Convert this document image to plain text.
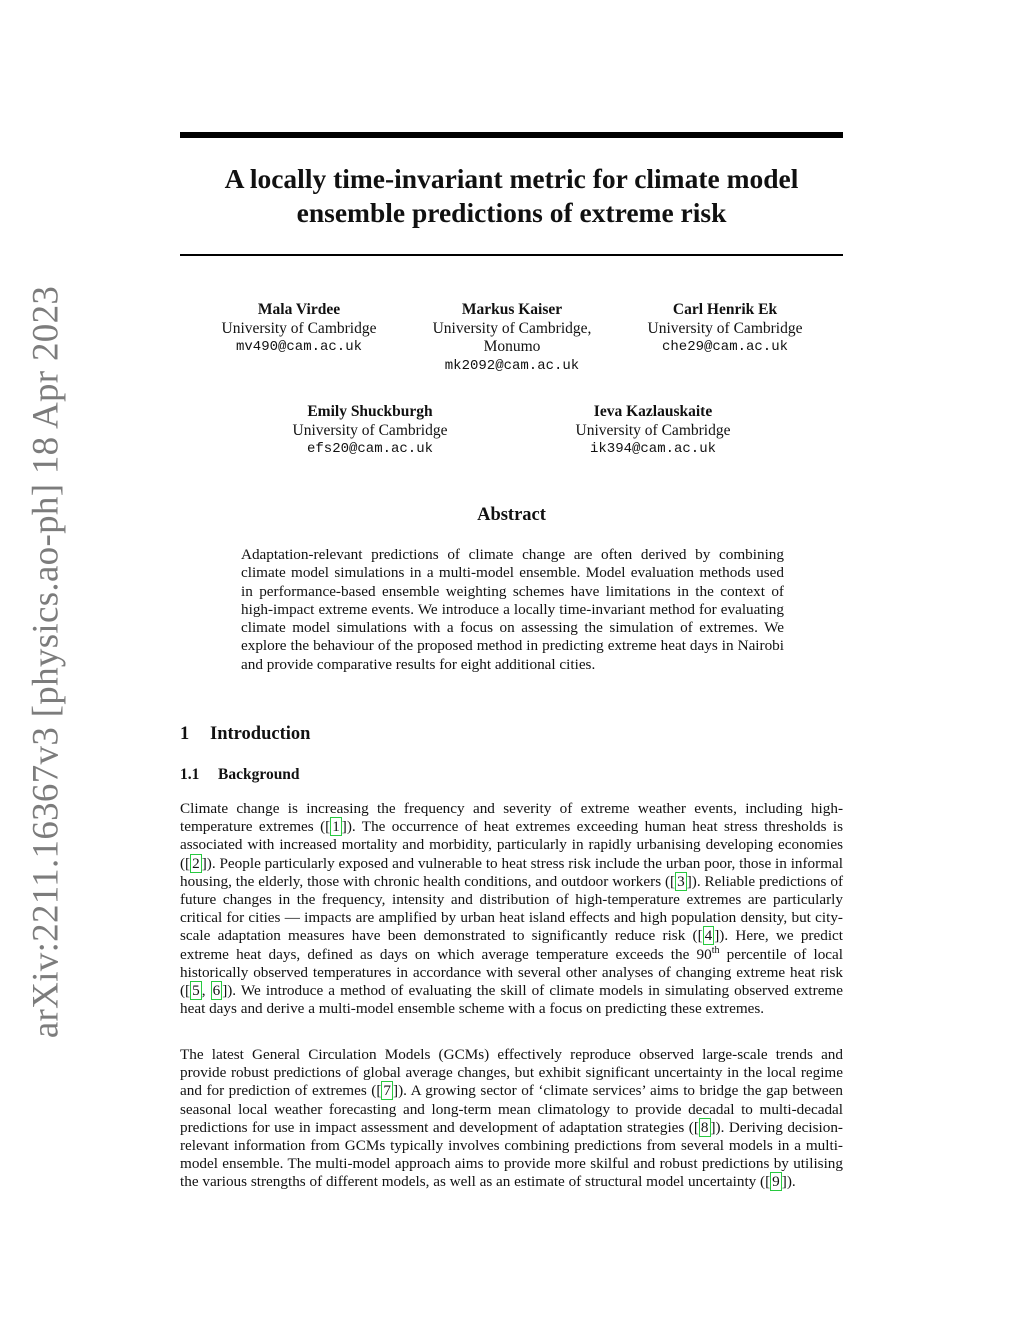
arXiv:2211.16367v3 [physics.ao-ph] 18 Apr 2023
A locally time-invariant metric for climate model ensemble predictions of extreme risk
Mala Virdee
University of Cambridge
mv490@cam.ac.uk
Markus Kaiser
University of Cambridge,
Monumo
mk2092@cam.ac.uk
Carl Henrik Ek
University of Cambridge
che29@cam.ac.uk
Emily Shuckburgh
University of Cambridge
efs20@cam.ac.uk
Ieva Kazlauskaite
University of Cambridge
ik394@cam.ac.uk
Abstract

Adaptation-relevant predictions of climate change are often derived by combining climate model simulations in a multi-model ensemble. Model evaluation methods used in performance-based ensemble weighting schemes have limitations in the context of high-impact extreme events. We introduce a locally time-invariant method for evaluating climate model simulations with a focus on assessing the simulation of extremes. We explore the behaviour of the proposed method in predicting extreme heat days in Nairobi and provide comparative results for eight additional cities.

1 Introduction
1.1 Background

Climate change is increasing the frequency and severity of extreme weather events, including high-temperature extremes ([ 1 ]). The occurrence of heat extremes exceeding human heat stress thresholds is associated with increased mortality and morbidity, particularly in rapidly urbanising developing economies ([ 2 ]). People particularly exposed and vulnerable to heat stress risk include the urban poor, those in informal housing, the elderly, those with chronic health conditions, and outdoor workers ([ 3 ]). Reliable predictions of future changes in the frequency, intensity and distribution of high-temperature extremes are particularly critical for cities — impacts are amplified by urban heat island effects and high population density, but city-scale adaptation measures have been demonstrated to significantly reduce risk ([ 4 ]). Here, we predict extreme heat days, defined as days on which average temperature exceeds the 90th percentile of local historically observed temperatures in accordance with several other analyses of changing extreme heat risk ([ 5 , 6 ]). We introduce a method of evaluating the skill of climate models in simulating observed extreme heat days and derive a multi-model ensemble scheme with a focus on predicting these extremes.

The latest General Circulation Models (GCMs) effectively reproduce observed large-scale trends and provide robust predictions of global average changes, but exhibit significant uncertainty in the local regime and for prediction of extremes ([ 7 ]). A growing sector of ‘climate services’ aims to bridge the gap between seasonal local weather forecasting and long-term mean climatology to provide decadal to multi-decadal predictions for use in impact assessment and development of adaptation strategies ([ 8 ]). Deriving decision-relevant information from GCMs typically involves combining predictions from several models in a multi-model ensemble. The multi-model approach aims to provide more skilful and robust predictions by utilising the various strengths of different models, as well as an estimate of structural model uncertainty ([ 9 ]).
